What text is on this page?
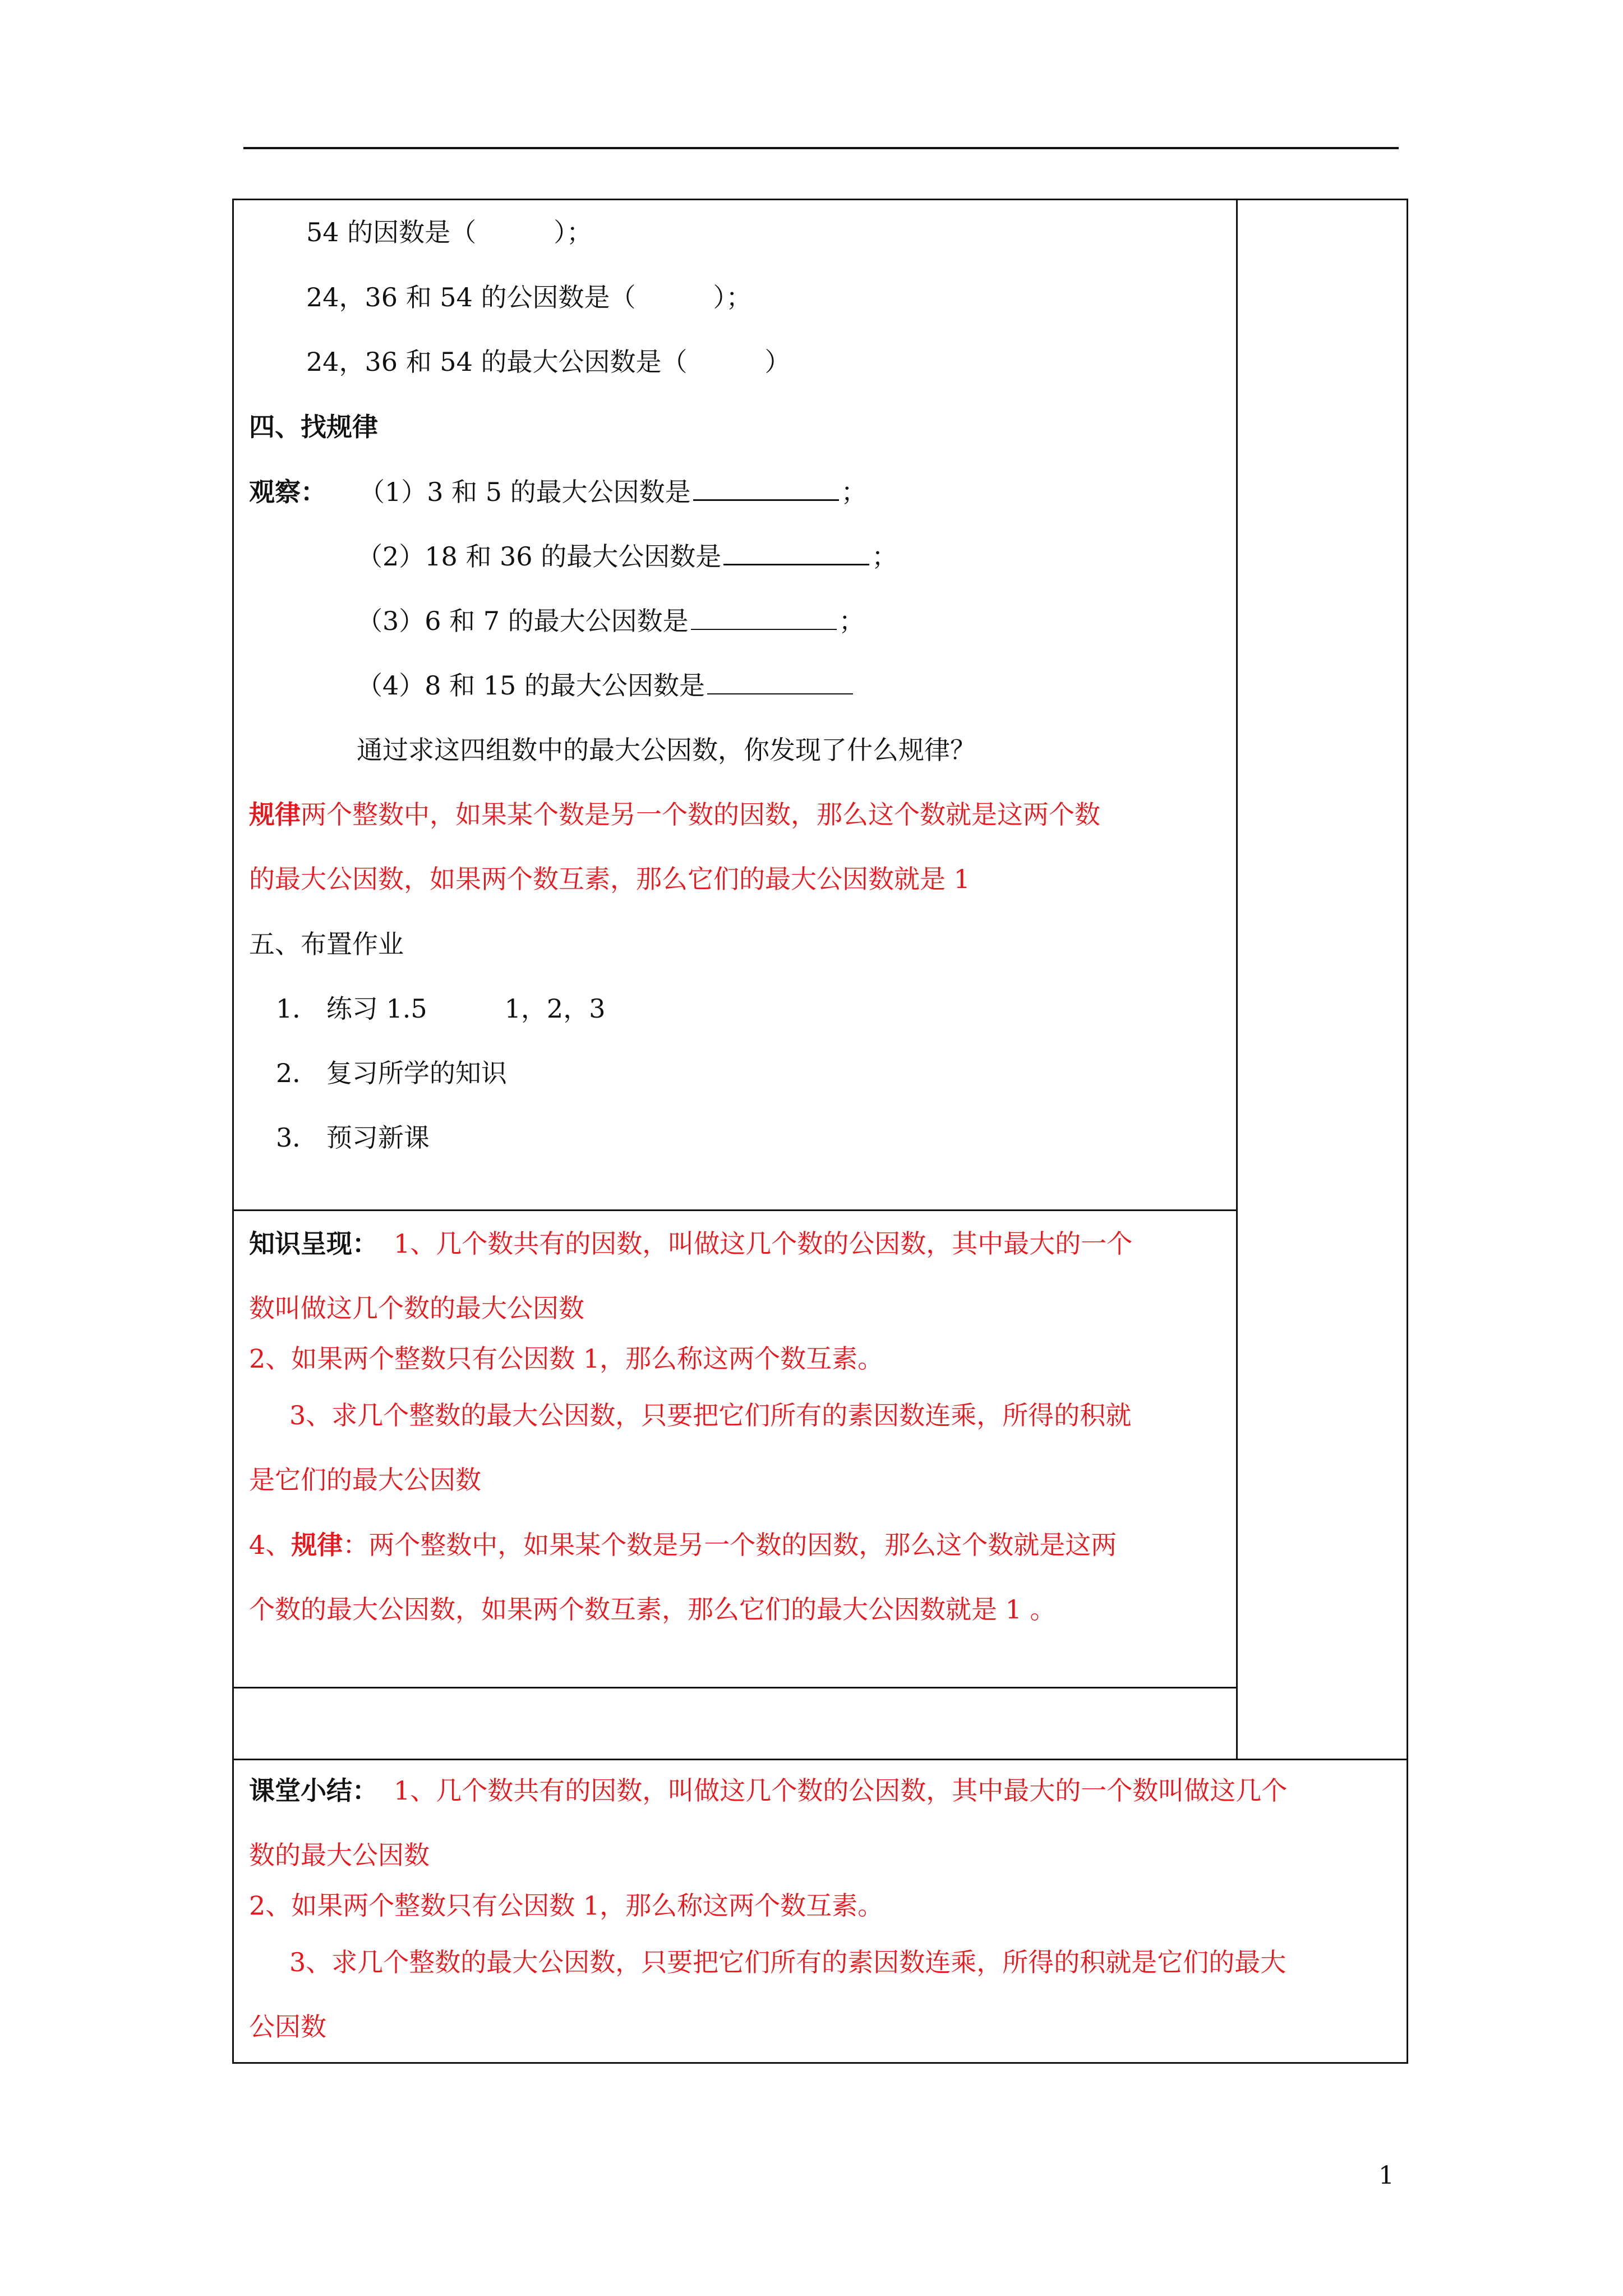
54 的因数是（　　　）；
24，36 和 54 的公因数是（　　　）；
24，36 和 54 的最大公因数是（　　　）
四、找规律
观察： （1）3 和 5 的最大公因数是	；
（2）18 和 36 的最大公因数是	；
（3）6 和 7 的最大公因数是	；
（4）8 和 15 的最大公因数是
通过求这四组数中的最大公因数，你发现了什么规律？
规律两个整数中，如果某个数是另一个数的因数，那么这个数就是这两个数
的最大公因数，如果两个数互素，那么它们的最大公因数就是 1
五、布置作业
1． 练习 1.5　　　1，2，3
2． 复习所学的知识
3． 预习新课
知识呈现： 1、几个数共有的因数，叫做这几个数的公因数，其中最大的一个
数叫做这几个数的最大公因数
2、如果两个整数只有公因数 1，那么称这两个数互素。
3、求几个整数的最大公因数，只要把它们所有的素因数连乘，所得的积就
是它们的最大公因数
4、规律：两个整数中，如果某个数是另一个数的因数，那么这个数就是这两
个数的最大公因数，如果两个数互素，那么它们的最大公因数就是 1 。
课堂小结： 1、几个数共有的因数，叫做这几个数的公因数，其中最大的一个数叫做这几个
数的最大公因数
2、如果两个整数只有公因数 1，那么称这两个数互素。
3、求几个整数的最大公因数，只要把它们所有的素因数连乘，所得的积就是它们的最大
公因数
1
